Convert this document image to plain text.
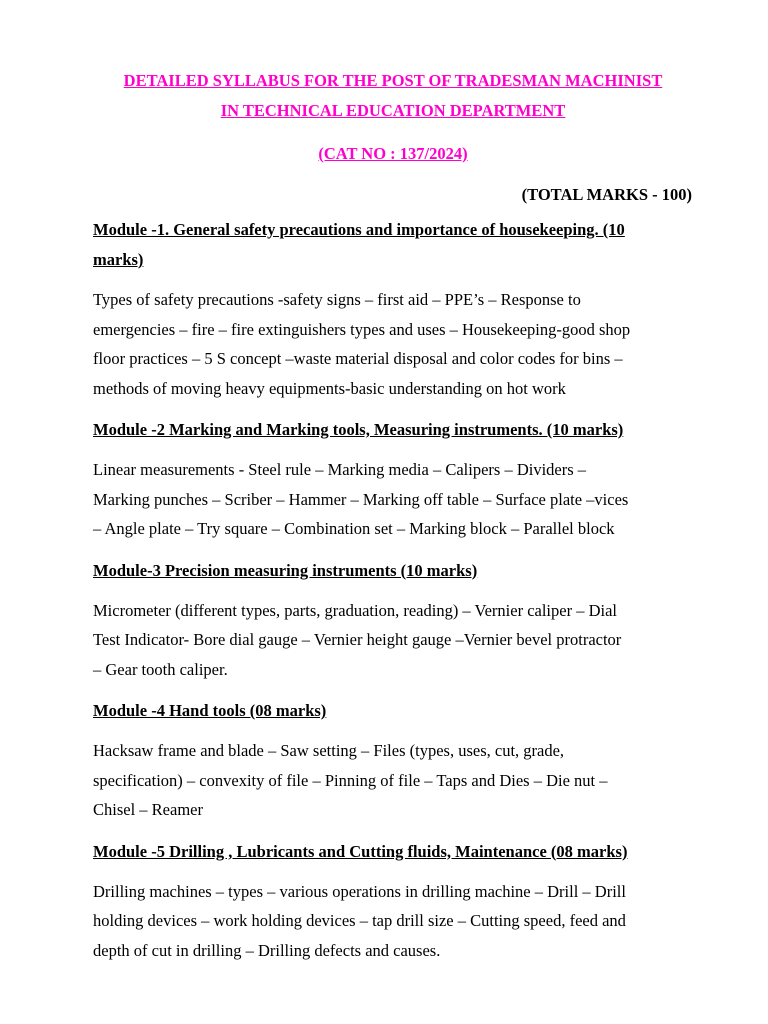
DETAILED SYLLABUS FOR THE POST OF TRADESMAN MACHINIST

IN TECHNICAL EDUCATION DEPARTMENT

(CAT NO : 137/2024)

(TOTAL MARKS - 100)

Module -1. General safety precautions and importance of housekeeping. (10
marks)

Types of safety precautions -safety signs – first aid – PPE’s – Response to
emergencies – fire – fire extinguishers types and uses – Housekeeping-good shop
floor practices – 5 S concept –waste material disposal and color codes for bins –
methods of moving heavy equipments-basic understanding on hot work

Module -2 Marking and Marking tools, Measuring instruments. (10 marks)

Linear measurements - Steel rule – Marking media – Calipers – Dividers –
Marking punches – Scriber – Hammer – Marking off table – Surface plate –vices
– Angle plate – Try square – Combination set – Marking block – Parallel block

Module-3 Precision measuring instruments (10 marks)

Micrometer (different types, parts, graduation, reading) – Vernier caliper – Dial
Test Indicator- Bore dial gauge – Vernier height gauge –Vernier bevel protractor
– Gear tooth caliper.

Module -4 Hand tools (08 marks)

Hacksaw frame and blade – Saw setting – Files (types, uses, cut, grade,
specification) – convexity of file – Pinning of file – Taps and Dies – Die nut –
Chisel – Reamer

Module -5 Drilling , Lubricants and Cutting fluids, Maintenance (08 marks)

Drilling machines – types – various operations in drilling machine – Drill – Drill
holding devices – work holding devices – tap drill size – Cutting speed, feed and
depth of cut in drilling – Drilling defects and causes.
